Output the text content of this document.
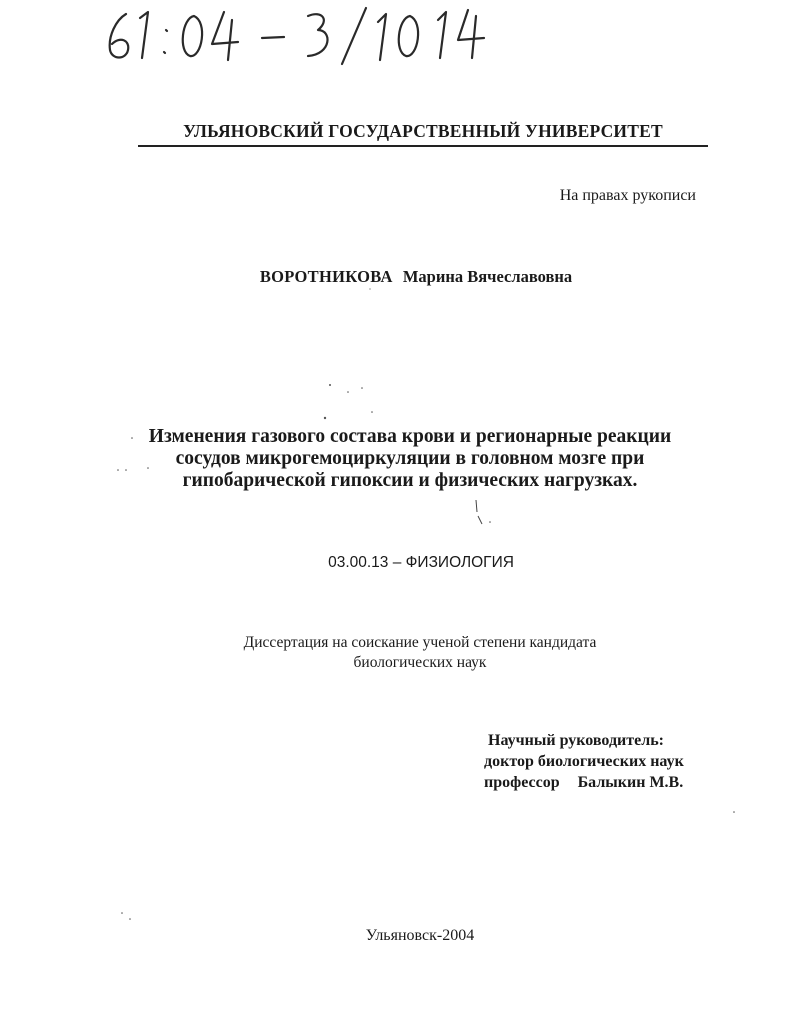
УЛЬЯНОВСКИЙ ГОСУДАРСТВЕННЫЙ УНИВЕРСИТЕТ
На правах рукописи
ВОРОТНИКОВА Марина Вячеславовна
Изменения газового состава крови и регионарные реакции
сосудов микрогемоциркуляции в головном мозге при
гипобарической гипоксии и физических нагрузках.
03.00.13 – ФИЗИОЛОГИЯ
Диссертация на соискание ученой степени кандидата
биологических наук
Научный руководитель:
доктор биологических наук
профессор Балыкин М.В.
Ульяновск-2004
